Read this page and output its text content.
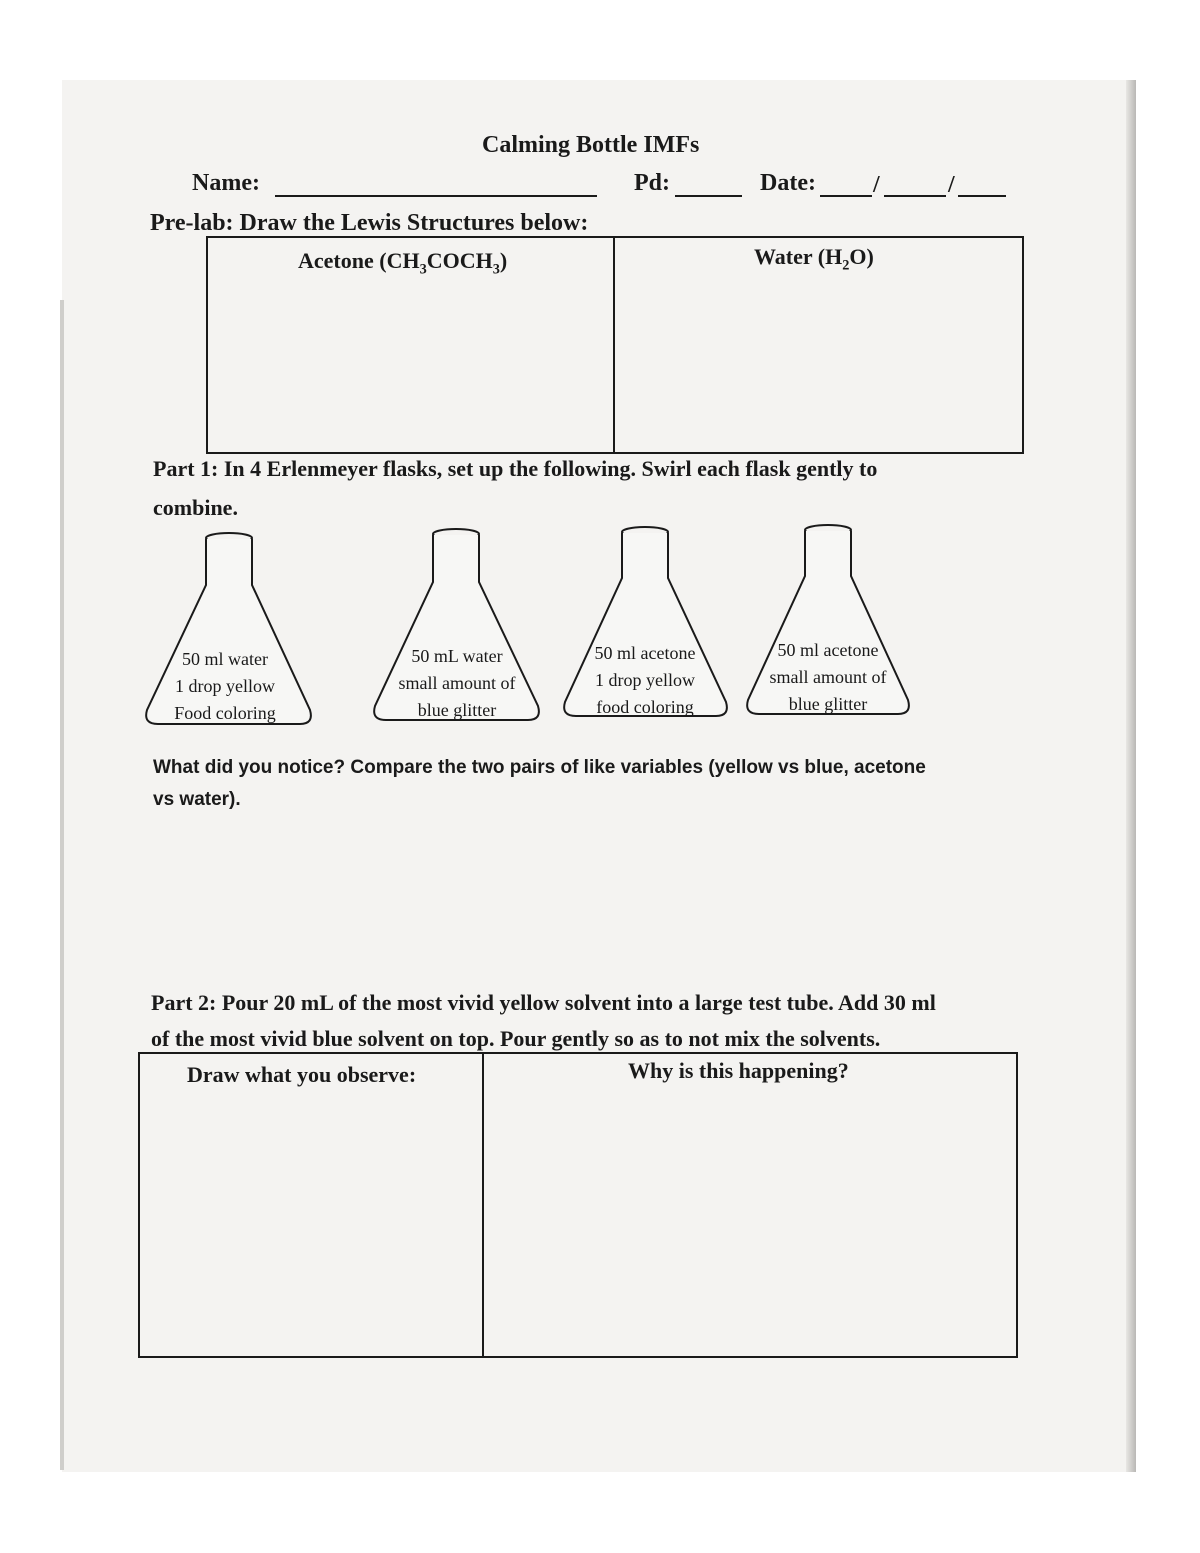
Calming Bottle IMFs
Name:	Pd:	Date: /	/
Pre-lab: Draw the Lewis Structures below:
Acetone $(CH_3COCH_3)$	Water $(H_2O)$
Part 1: In 4 Erlenmeyer flasks, set up the following. Swirl each flask gently to
combine.
50 ml water
1 drop yellow
Food coloring
50 mL water
small amount of
blue glitter
50 ml acetone
1 drop yellow
food coloring
50 ml acetone
small amount of
blue glitter
What did you notice? Compare the two pairs of like variables (yellow vs blue, acetone
vs water).
Part 2: Pour 20 mL of the most vivid yellow solvent into a large test tube. Add 30 ml
of the most vivid blue solvent on top. Pour gently so as to not mix the solvents.
Draw what you observe:	Why is this happening?
